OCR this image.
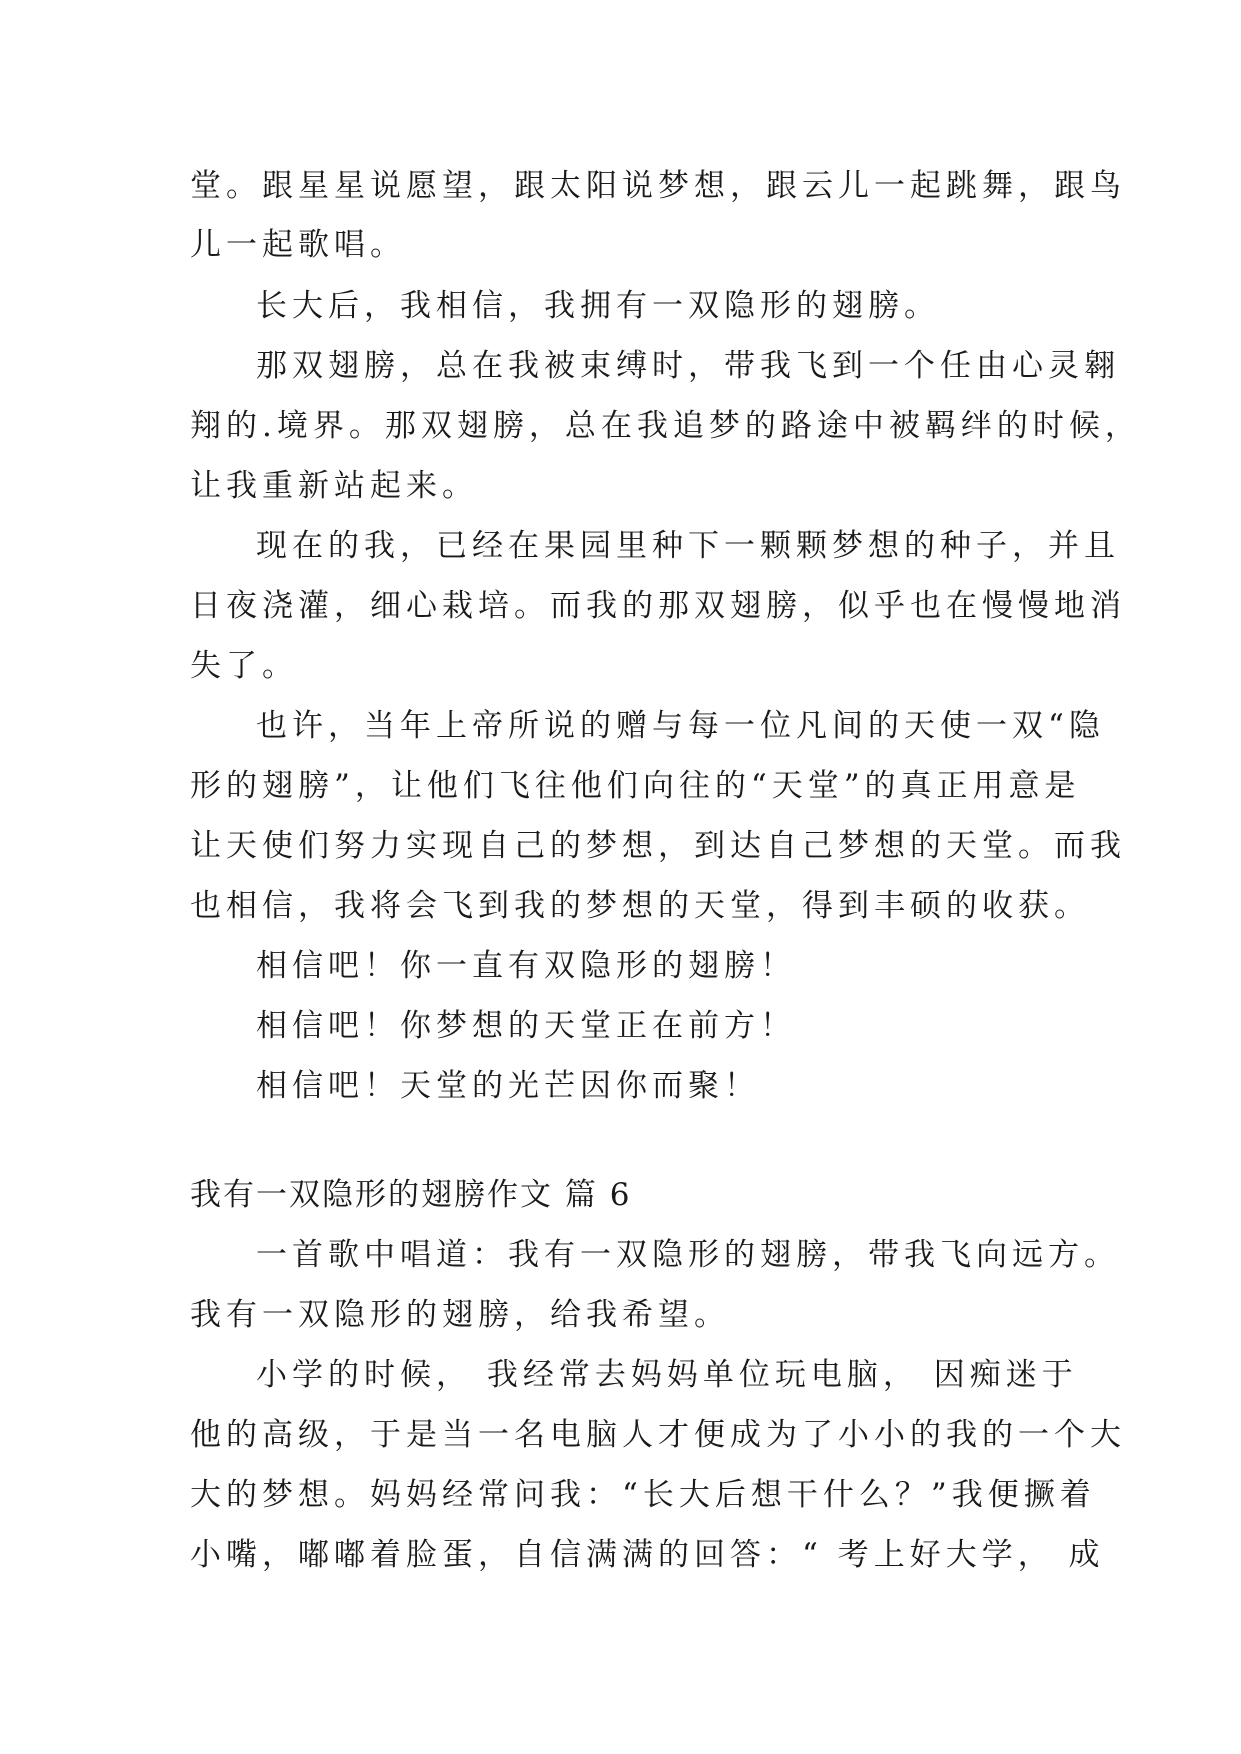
堂。跟星星说愿望，跟太阳说梦想，跟云儿一起跳舞，跟鸟
儿一起歌唱。
长大后，我相信，我拥有一双隐形的翅膀。
那双翅膀，总在我被束缚时，带我飞到一个任由心灵翱
翔的.境界。那双翅膀，总在我追梦的路途中被羁绊的时候，
让我重新站起来。
现在的我，已经在果园里种下一颗颗梦想的种子，并且
日夜浇灌，细心栽培。而我的那双翅膀，似乎也在慢慢地消
失了。
也许，当年上帝所说的赠与每一位凡间的天使一双“隐
形的翅膀”，让他们飞往他们向往的“天堂”的真正用意是
让天使们努力实现自己的梦想，到达自己梦想的天堂。而我
也相信，我将会飞到我的梦想的天堂，得到丰硕的收获。
相信吧！你一直有双隐形的翅膀！
相信吧！你梦想的天堂正在前方！
相信吧！天堂的光芒因你而聚！
我有一双隐形的翅膀作文 篇 6
一首歌中唱道：我有一双隐形的翅膀，带我飞向远方。
我有一双隐形的翅膀，给我希望。
小学的时候， 我经常去妈妈单位玩电脑， 因痴迷于
他的高级，于是当一名电脑人才便成为了小小的我的一个大
大的梦想。妈妈经常问我：“长大后想干什么？”我便撅着
小嘴，嘟嘟着脸蛋，自信满满的回答：“ 考上好大学， 成
